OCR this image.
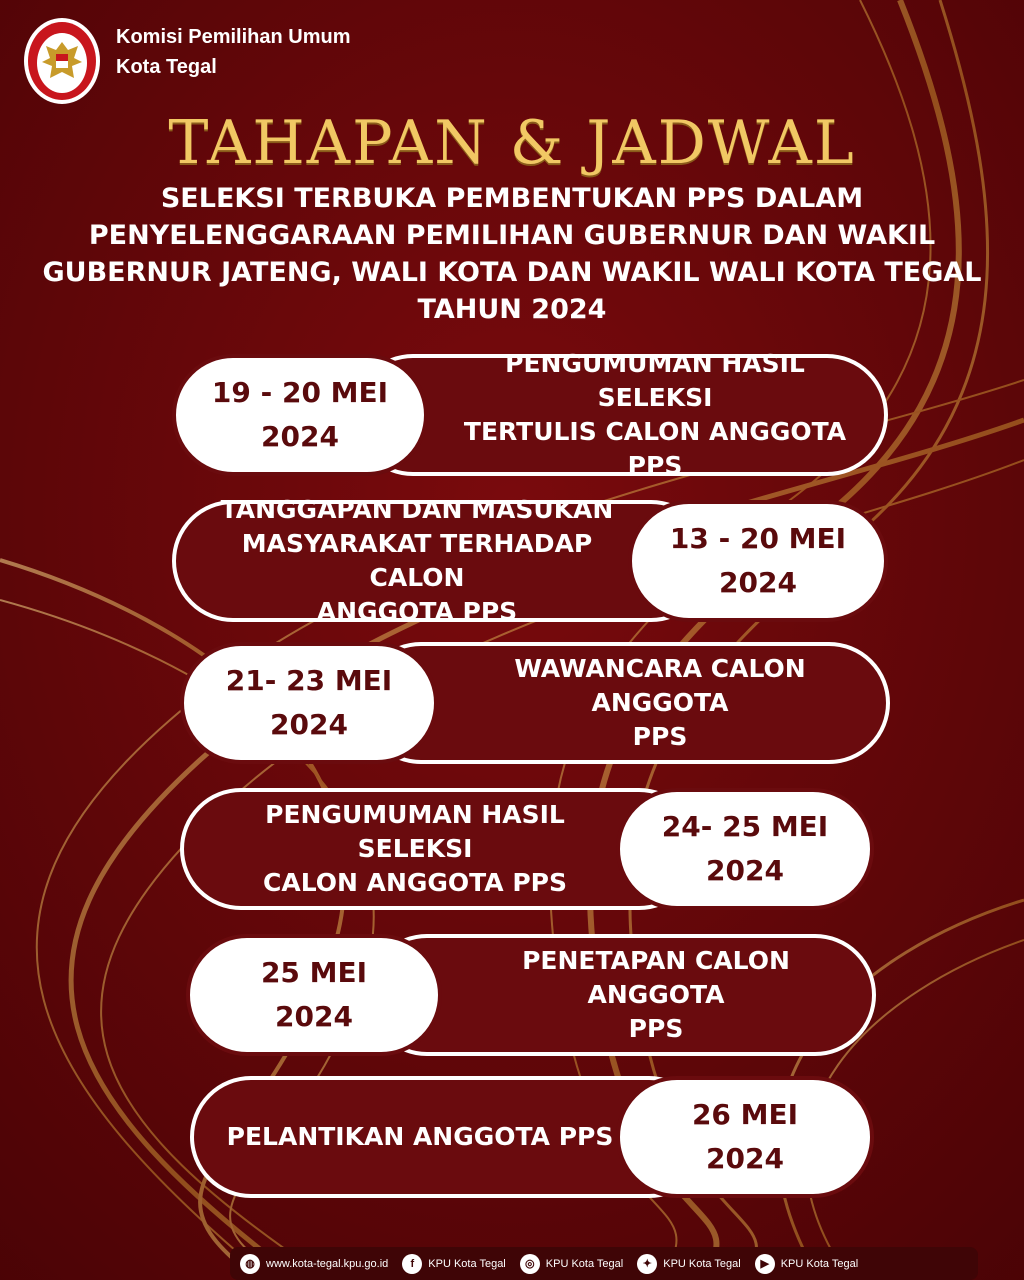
Komisi Pemilihan Umum
Kota Tegal
TAHAPAN & JADWAL
SELEKSI TERBUKA PEMBENTUKAN PPS DALAM
PENYELENGGARAAN PEMILIHAN GUBERNUR DAN WAKIL
GUBERNUR JATENG, WALI KOTA DAN WAKIL WALI KOTA TEGAL
TAHUN 2024
PENGUMUMAN HASIL SELEKSI
TERTULIS CALON ANGGOTA PPS
19 - 20 MEI
2024
TANGGAPAN DAN MASUKAN
MASYARAKAT TERHADAP CALON
ANGGOTA PPS
13 - 20 MEI
2024
WAWANCARA CALON ANGGOTA
PPS
21- 23 MEI
2024
PENGUMUMAN HASIL SELEKSI
CALON ANGGOTA PPS
24- 25 MEI
2024
PENETAPAN CALON ANGGOTA
PPS
25 MEI
2024
PELANTIKAN ANGGOTA PPS
26 MEI
2024
◍	www.kota-tegal.kpu.go.id	f	KPU Kota Tegal	◎	KPU Kota Tegal	✦	KPU Kota Tegal	▶	KPU Kota Tegal
